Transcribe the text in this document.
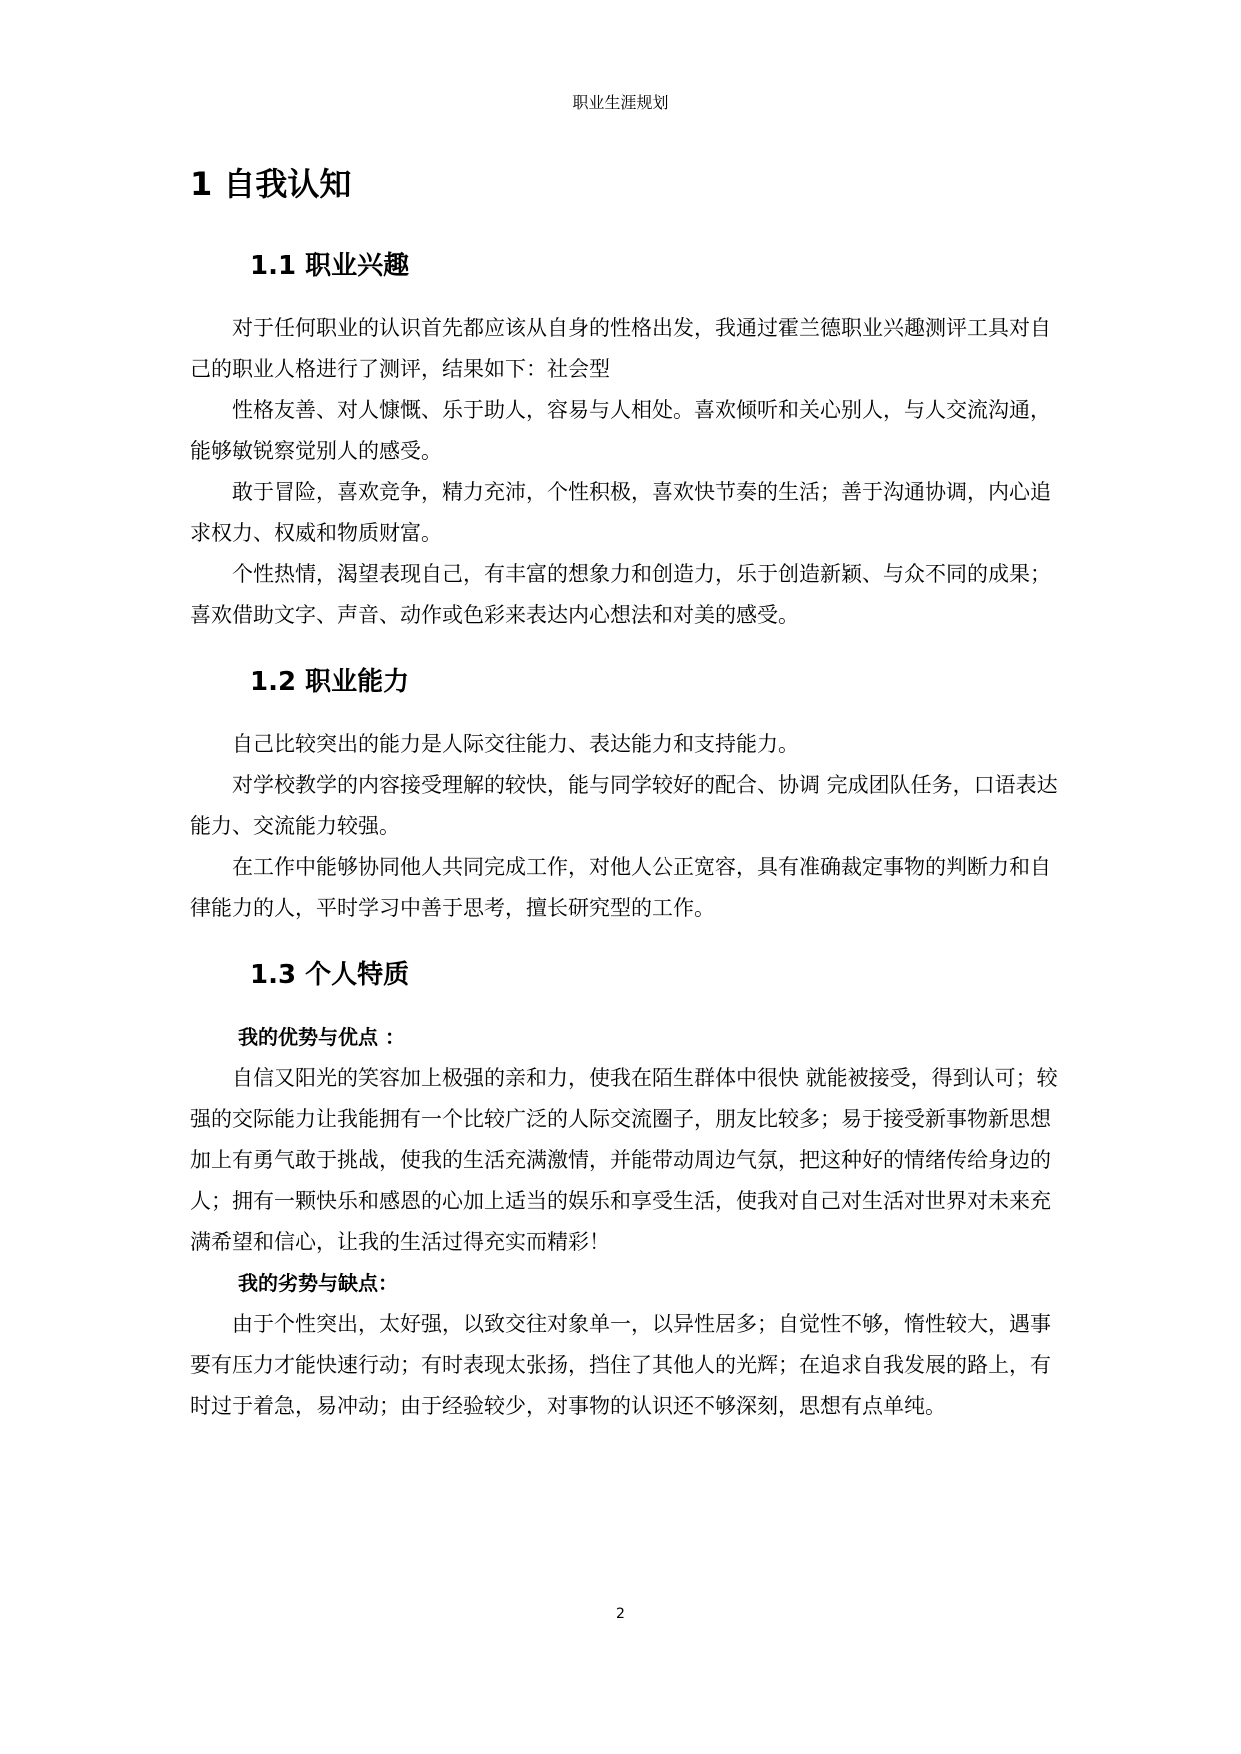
职业生涯规划
1 自我认知
1.1 职业兴趣

对于任何职业的认识首先都应该从自身的性格出发，我通过霍兰德职业兴趣测评工具对自己的职业人格进行了测评，结果如下：社会型

性格友善、对人慷慨、乐于助人，容易与人相处。喜欢倾听和关心别人，与人交流沟通，能够敏锐察觉别人的感受。

敢于冒险，喜欢竞争，精力充沛，个性积极，喜欢快节奏的生活；善于沟通协调，内心追求权力、权威和物质财富。

个性热情，渴望表现自己，有丰富的想象力和创造力，乐于创造新颖、与众不同的成果；喜欢借助文字、声音、动作或色彩来表达内心想法和对美的感受。

1.2 职业能力

自己比较突出的能力是人际交往能力、表达能力和支持能力。

对学校教学的内容接受理解的较快，能与同学较好的配合、协调 完成团队任务，口语表达能力、交流能力较强。

在工作中能够协同他人共同完成工作，对他人公正宽容，具有准确裁定事物的判断力和自律能力的人，平时学习中善于思考，擅长研究型的工作。

1.3 个人特质
我的优势与优点 ：

自信又阳光的笑容加上极强的亲和力，使我在陌生群体中很快 就能被接受，得到认可；较强的交际能力让我能拥有一个比较广泛的人际交流圈子，朋友比较多；易于接受新事物新思想加上有勇气敢于挑战，使我的生活充满激情，并能带动周边气氛，把这种好的情绪传给身边的人；拥有一颗快乐和感恩的心加上适当的娱乐和享受生活，使我对自己对生活对世界对未来充满希望和信心，让我的生活过得充实而精彩！

我的劣势与缺点：

由于个性突出，太好强，以致交往对象单一，以异性居多；自觉性不够，惰性较大，遇事要有压力才能快速行动；有时表现太张扬，挡住了其他人的光辉；在追求自我发展的路上，有时过于着急，易冲动；由于经验较少，对事物的认识还不够深刻，思想有点单纯。

2
